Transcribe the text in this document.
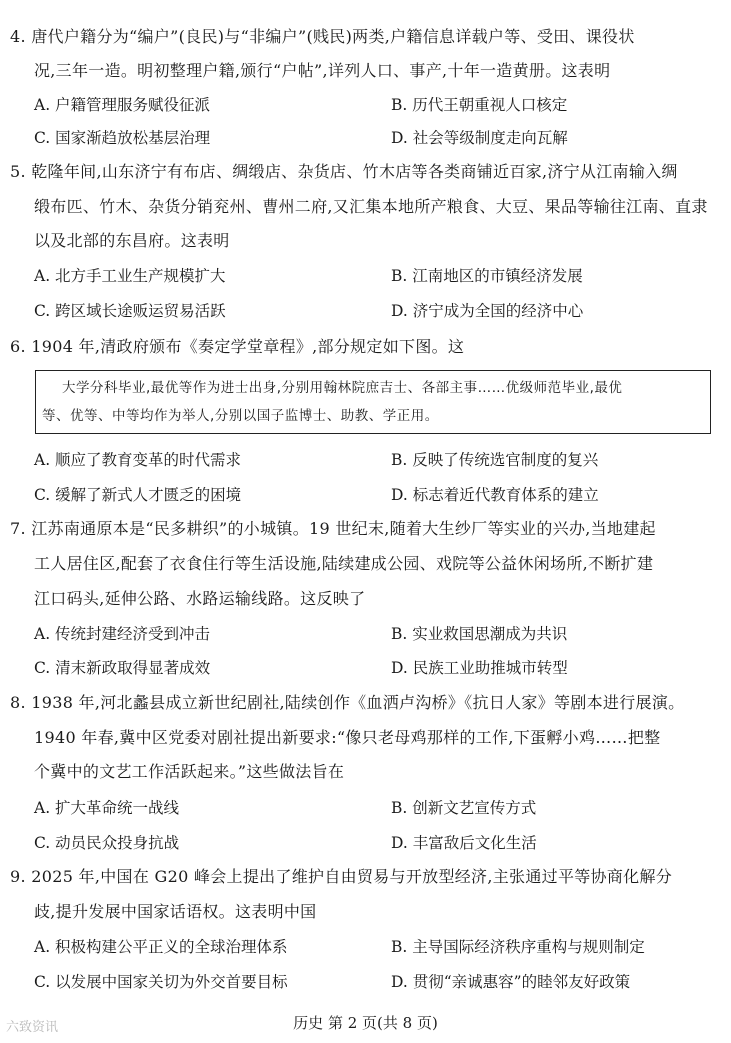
4. 唐代户籍分为“编户”(良民)与“非编户”(贱民)两类,户籍信息详载户等、受田、课役状
况,三年一造。明初整理户籍,颁行“户帖”,详列人口、事产,十年一造黄册。这表明
A. 户籍管理服务赋役征派	B. 历代王朝重视人口核定
C. 国家渐趋放松基层治理	D. 社会等级制度走向瓦解
5. 乾隆年间,山东济宁有布店、绸缎店、杂货店、竹木店等各类商铺近百家,济宁从江南输入绸
缎布匹、竹木、杂货分销兖州、曹州二府,又汇集本地所产粮食、大豆、果品等输往江南、直隶
以及北部的东昌府。这表明
A. 北方手工业生产规模扩大	B. 江南地区的市镇经济发展
C. 跨区域长途贩运贸易活跃	D. 济宁成为全国的经济中心
6. 1904 年,清政府颁布《奏定学堂章程》,部分规定如下图。这
大学分科毕业,最优等作为进士出身,分别用翰林院庶吉士、各部主事……优级师范毕业,最优
等、优等、中等均作为举人,分别以国子监博士、助教、学正用。
A. 顺应了教育变革的时代需求	B. 反映了传统选官制度的复兴
C. 缓解了新式人才匮乏的困境	D. 标志着近代教育体系的建立
7. 江苏南通原本是“民多耕织”的小城镇。19 世纪末,随着大生纱厂等实业的兴办,当地建起
工人居住区,配套了衣食住行等生活设施,陆续建成公园、戏院等公益休闲场所,不断扩建
江口码头,延伸公路、水路运输线路。这反映了
A. 传统封建经济受到冲击	B. 实业救国思潮成为共识
C. 清末新政取得显著成效	D. 民族工业助推城市转型
8. 1938 年,河北蠡县成立新世纪剧社,陆续创作《血洒卢沟桥》《抗日人家》等剧本进行展演。
1940 年春,冀中区党委对剧社提出新要求:“像只老母鸡那样的工作,下蛋孵小鸡……把整
个冀中的文艺工作活跃起来。”这些做法旨在
A. 扩大革命统一战线	B. 创新文艺宣传方式
C. 动员民众投身抗战	D. 丰富敌后文化生活
9. 2025 年,中国在 G20 峰会上提出了维护自由贸易与开放型经济,主张通过平等协商化解分
歧,提升发展中国家话语权。这表明中国
A. 积极构建公平正义的全球治理体系	B. 主导国际经济秩序重构与规则制定
C. 以发展中国家关切为外交首要目标	D. 贯彻“亲诚惠容”的睦邻友好政策
历史 第 2 页(共 8 页)
六致资讯
